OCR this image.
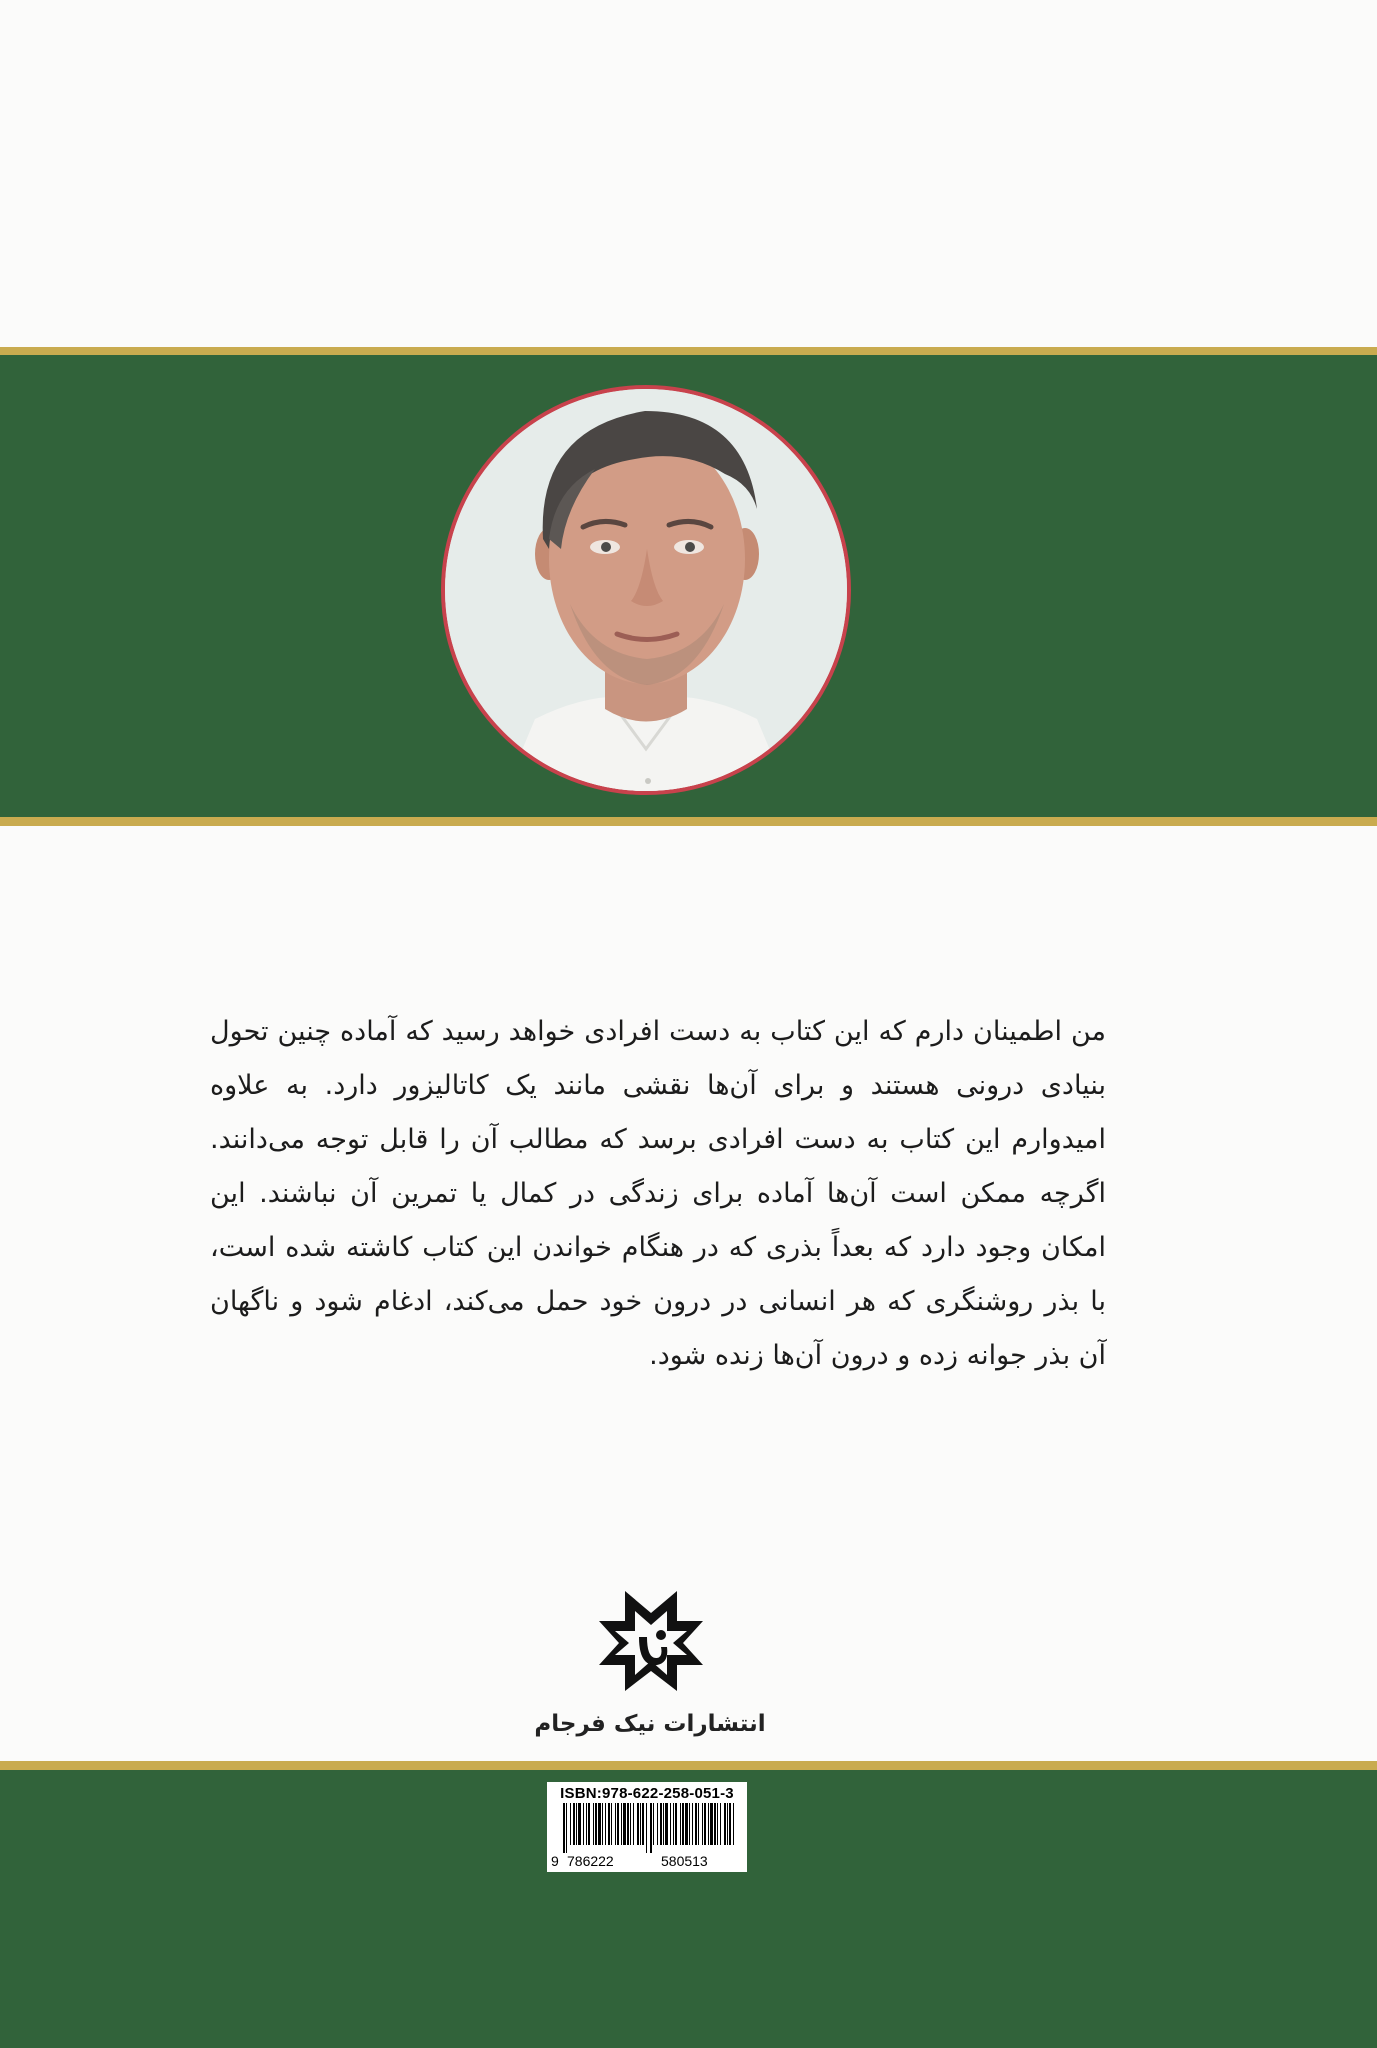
من اطمینان دارم که این کتاب به دست افرادی خواهد رسید که آماده چنین تحول بنیادی درونی هستند و برای آن‌ها نقشی مانند یک کاتالیزور دارد. به علاوه امیدوارم این کتاب به دست افرادی برسد که مطالب آن را قابل توجه می‌دانند. اگرچه ممکن است آن‌ها آماده برای زندگی در کمال یا تمرین آن نباشند. این امکان وجود دارد که بعداً بذری که در هنگام خواندن این کتاب کاشته شده است، با بذر روشنگری که هر انسانی در درون خود حمل می‌کند، ادغام شود و ناگهان آن بذر جوانه زده و درون آن‌ها زنده شود.
انتشارات نیک فرجام
ISBN:978-622-258-051-3
9 786222	580513
